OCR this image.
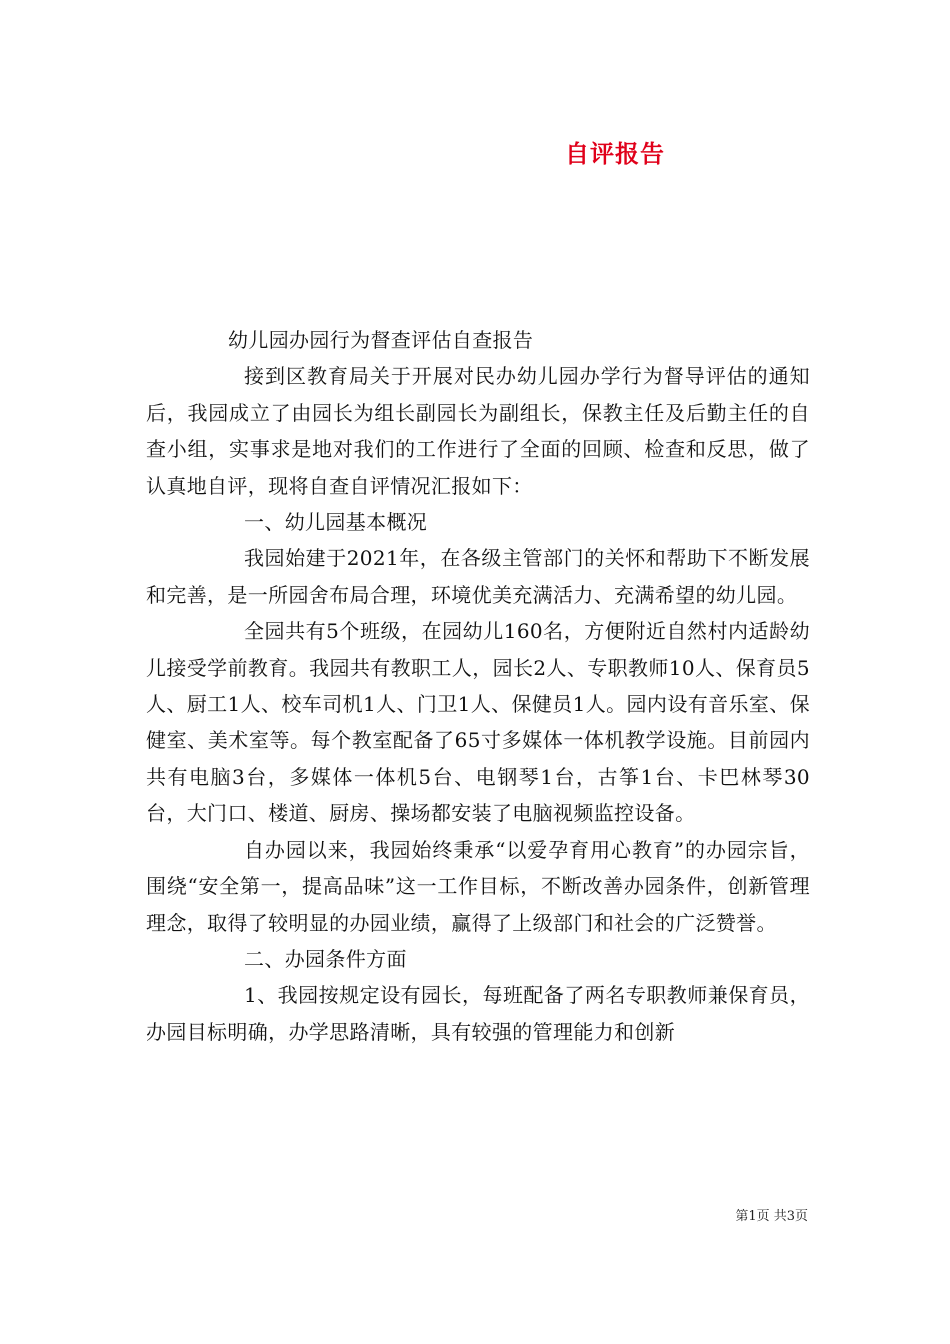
自评报告

幼儿园办园行为督查评估自查报告

接到区教育局关于开展对民办幼儿园办学行为督导评估的通知后，我园成立了由园长为组长副园长为副组长，保教主任及后勤主任的自查小组，实事求是地对我们的工作进行了全面的回顾、检查和反思，做了认真地自评，现将自查自评情况汇报如下：

一、幼儿园基本概况

我园始建于2021年，在各级主管部门的关怀和帮助下不断发展和完善，是一所园舍布局合理，环境优美充满活力、充满希望的幼儿园。

全园共有5个班级，在园幼儿160名，方便附近自然村内适龄幼儿接受学前教育。我园共有教职工人，园长2人、专职教师10人、保育员5人、厨工1人、校车司机1人、门卫1人、保健员1人。园内设有音乐室、保健室、美术室等。每个教室配备了65寸多媒体一体机教学设施。目前园内共有电脑3台，多媒体一体机5台、电钢琴1台，古筝1台、卡巴林琴30台，大门口、楼道、厨房、操场都安装了电脑视频监控设备。

自办园以来，我园始终秉承“以爱孕育用心教育”的办园宗旨，围绕“安全第一，提高品味”这一工作目标，不断改善办园条件，创新管理理念，取得了较明显的办园业绩，赢得了上级部门和社会的广泛赞誉。

二、办园条件方面

1、我园按规定设有园长，每班配备了两名专职教师兼保育员，办园目标明确，办学思路清晰，具有较强的管理能力和创新

第1页 共3页
